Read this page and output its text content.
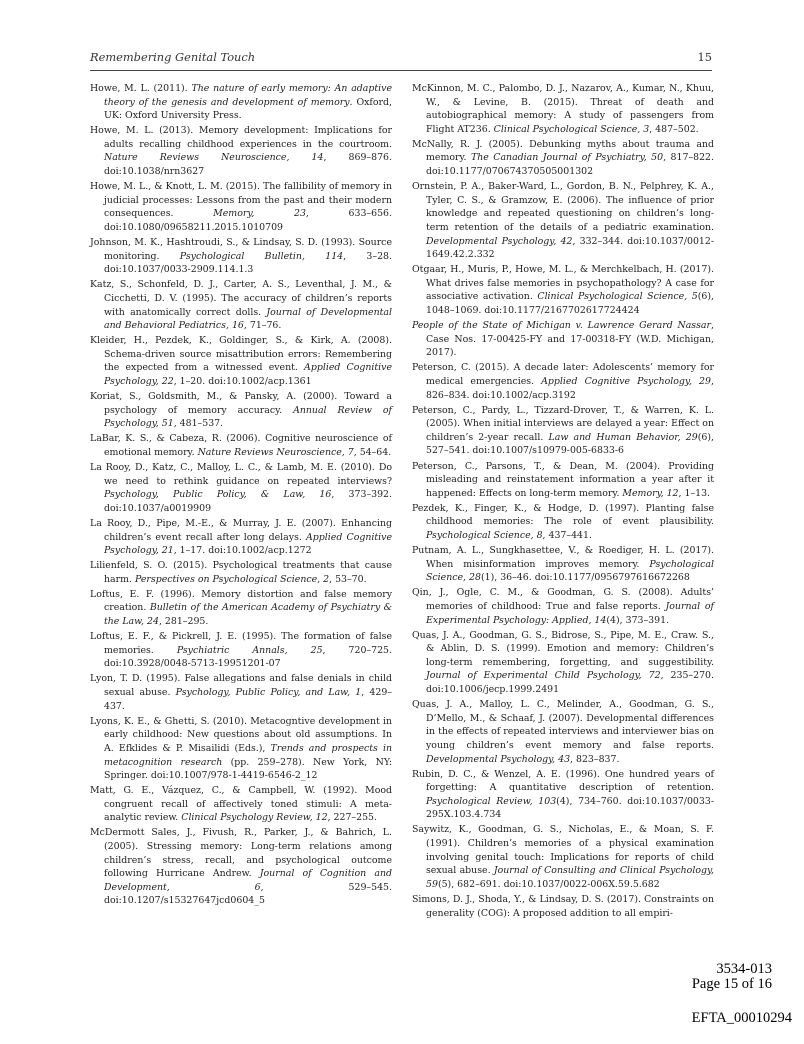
Remembering Genital Touch	15

Howe, M. L. (2011). The nature of early memory: An adaptive theory of the genesis and development of memory. Oxford, UK: Oxford University Press.

Howe, M. L. (2013). Memory development: Implications for adults recalling childhood experiences in the courtroom. Nature Reviews Neuroscience, 14, 869–876. doi:10.1038/nrn3627

Howe, M. L., & Knott, L. M. (2015). The fallibility of memory in judicial processes: Lessons from the past and their modern consequences. Memory, 23, 633–656. doi:10.1080/09658211.2015.1010709

Johnson, M. K., Hashtroudi, S., & Lindsay, S. D. (1993). Source monitoring. Psychological Bulletin, 114, 3–28. doi:10.1037/0033-2909.114.1.3

Katz, S., Schonfeld, D. J., Carter, A. S., Leventhal, J. M., & Cicchetti, D. V. (1995). The accuracy of children’s reports with anatomically correct dolls. Journal of Developmental and Behavioral Pediatrics, 16, 71–76.

Kleider, H., Pezdek, K., Goldinger, S., & Kirk, A. (2008). Schema-driven source misattribution errors: Remembering the expected from a witnessed event. Applied Cognitive Psychology, 22, 1–20. doi:10.1002/acp.1361

Koriat, S., Goldsmith, M., & Pansky, A. (2000). Toward a psychology of memory accuracy. Annual Review of Psychology, 51, 481–537.

LaBar, K. S., & Cabeza, R. (2006). Cognitive neuroscience of emotional memory. Nature Reviews Neuroscience, 7, 54–64.

La Rooy, D., Katz, C., Malloy, L. C., & Lamb, M. E. (2010). Do we need to rethink guidance on repeated interviews? Psychology, Public Policy, & Law, 16, 373–392. doi:10.1037/a0019909

La Rooy, D., Pipe, M.-E., & Murray, J. E. (2007). Enhancing children’s event recall after long delays. Applied Cognitive Psychology, 21, 1–17. doi:10.1002/acp.1272

Lilienfeld, S. O. (2015). Psychological treatments that cause harm. Perspectives on Psychological Science, 2, 53–70.

Loftus, E. F. (1996). Memory distortion and false memory creation. Bulletin of the American Academy of Psychiatry & the Law, 24, 281–295.

Loftus, E. F., & Pickrell, J. E. (1995). The formation of false memories. Psychiatric Annals, 25, 720–725. doi:10.3928/0048-5713-19951201-07

Lyon, T. D. (1995). False allegations and false denials in child sexual abuse. Psychology, Public Policy, and Law, 1, 429–437.

Lyons, K. E., & Ghetti, S. (2010). Metacogntive development in early childhood: New questions about old assumptions. In A. Efklides & P. Misailidi (Eds.), Trends and prospects in metacognition research (pp. 259–278). New York, NY: Springer. doi:10.1007/978-1-4419-6546-2_12

Matt, G. E., Vázquez, C., & Campbell, W. (1992). Mood congruent recall of affectively toned stimuli: A meta-analytic review. Clinical Psychology Review, 12, 227–255.

McDermott Sales, J., Fivush, R., Parker, J., & Bahrich, L. (2005). Stressing memory: Long-term relations among children’s stress, recall, and psychological outcome following Hurricane Andrew. Journal of Cognition and Development, 6, 529–545. doi:10.1207/s15327647jcd0604_5

McKinnon, M. C., Palombo, D. J., Nazarov, A., Kumar, N., Khuu, W., & Levine, B. (2015). Threat of death and autobiographical memory: A study of passengers from Flight AT236. Clinical Psychological Science, 3, 487–502.

McNally, R. J. (2005). Debunking myths about trauma and memory. The Canadian Journal of Psychiatry, 50, 817–822. doi:10.1177/070674370505001302

Ornstein, P. A., Baker-Ward, L., Gordon, B. N., Pelphrey, K. A., Tyler, C. S., & Gramzow, E. (2006). The influence of prior knowledge and repeated questioning on children’s long-term retention of the details of a pediatric examination. Developmental Psychology, 42, 332–344. doi:10.1037/0012-1649.42.2.332

Otgaar, H., Muris, P., Howe, M. L., & Merchkelbach, H. (2017). What drives false memories in psychopathology? A case for associative activation. Clinical Psychological Science, 5(6), 1048–1069. doi:10.1177/2167702617724424

People of the State of Michigan v. Lawrence Gerard Nassar, Case Nos. 17-00425-FY and 17-00318-FY (W.D. Michigan, 2017).

Peterson, C. (2015). A decade later: Adolescents’ memory for medical emergencies. Applied Cognitive Psychology, 29, 826–834. doi:10.1002/acp.3192

Peterson, C., Pardy, L., Tizzard-Drover, T., & Warren, K. L. (2005). When initial interviews are delayed a year: Effect on children’s 2-year recall. Law and Human Behavior, 29(6), 527–541. doi:10.1007/s10979-005-6833-6

Peterson, C., Parsons, T., & Dean, M. (2004). Providing misleading and reinstatement information a year after it happened: Effects on long-term memory. Memory, 12, 1–13.

Pezdek, K., Finger, K., & Hodge, D. (1997). Planting false childhood memories: The role of event plausibility. Psychological Science, 8, 437–441.

Putnam, A. L., Sungkhasettee, V., & Roediger, H. L. (2017). When misinformation improves memory. Psychological Science, 28(1), 36–46. doi:10.1177/0956797616672268

Qin, J., Ogle, C. M., & Goodman, G. S. (2008). Adults’ memories of childhood: True and false reports. Journal of Experimental Psychology: Applied, 14(4), 373–391.

Quas, J. A., Goodman, G. S., Bidrose, S., Pipe, M. E., Craw. S., & Ablin, D. S. (1999). Emotion and memory: Children’s long-term remembering, forgetting, and suggestibility. Journal of Experimental Child Psychology, 72, 235–270. doi:10.1006/jecp.1999.2491

Quas, J. A., Malloy, L. C., Melinder, A., Goodman, G. S., D’Mello, M., & Schaaf, J. (2007). Developmental differences in the effects of repeated interviews and interviewer bias on young children’s event memory and false reports. Developmental Psychology, 43, 823–837.

Rubin, D. C., & Wenzel, A. E. (1996). One hundred years of forgetting: A quantitative description of retention. Psychological Review, 103(4), 734–760. doi:10.1037/0033-295X.103.4.734

Saywitz, K., Goodman, G. S., Nicholas, E., & Moan, S. F. (1991). Children’s memories of a physical examination involving genital touch: Implications for reports of child sexual abuse. Journal of Consulting and Clinical Psychology, 59(5), 682–691. doi:10.1037/0022-006X.59.5.682

Simons, D. J., Shoda, Y., & Lindsay, D. S. (2017). Constraints on generality (COG): A proposed addition to all empiri-

3534-013
Page 15 of 16
EFTA_00010294
